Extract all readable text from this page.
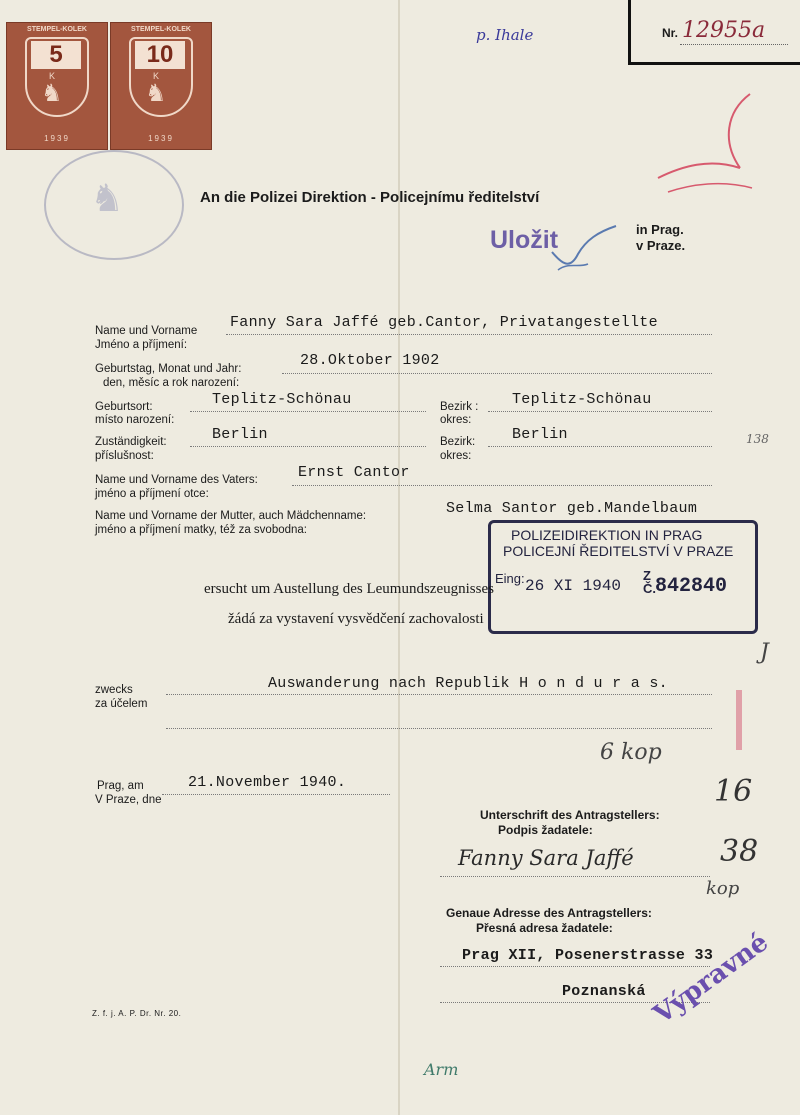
STEMPEL-KOLEK
5
K
♞
1939
STEMPEL-KOLEK
10
K
♞
1939
♞
Nr. 12955a
p. Ihale
An die Polizei Direktion - Policejnímu ředitelství
in Prag.
v Praze.
Uložit
Name und Vorname
Jméno a příjmení:
Fanny Sara Jaffé geb.Cantor, Privatangestellte
Geburtstag, Monat und Jahr:
den, měsíc a rok narození:
28.Oktober 1902
Geburtsort:
místo narození:
Teplitz-Schönau	Bezirk :
okres:
Teplitz-Schönau
Zuständigkeit:
příslušnost:
Berlin	Bezirk:
okres:
Berlin	138
Name und Vorname des Vaters:
jméno a příjmení otce:
Ernst Cantor
Name und Vorname der Mutter, auch Mädchenname:
jméno a příjmení matky, též za svobodna:
Selma Santor geb.Mandelbaum
POLIZEIDIREKTION IN PRAG
POLICEJNÍ ŘEDITELSTVÍ V PRAZE
Eing: 26 XI 1940
Z
Č. 842840
ersucht um Austellung des Leumundszeugnisses
žádá za vystavení vysvědčení zachovalosti
J
zwecks
za účelem
Auswanderung nach Republik H o n d u r a s.
Prag, am
V Praze, dne
21.November 1940.
6 kop
16
38
kop
Unterschrift des Antragstellers:
Podpis žadatele:
Fanny Sara Jaffé
Genaue Adresse des Antragstellers:
Přesná adresa žadatele:
Prag XII, Posenerstrasse 33
Poznanská
Z. f. j. A. P. Dr. Nr. 20.	Výpravné
Arm
